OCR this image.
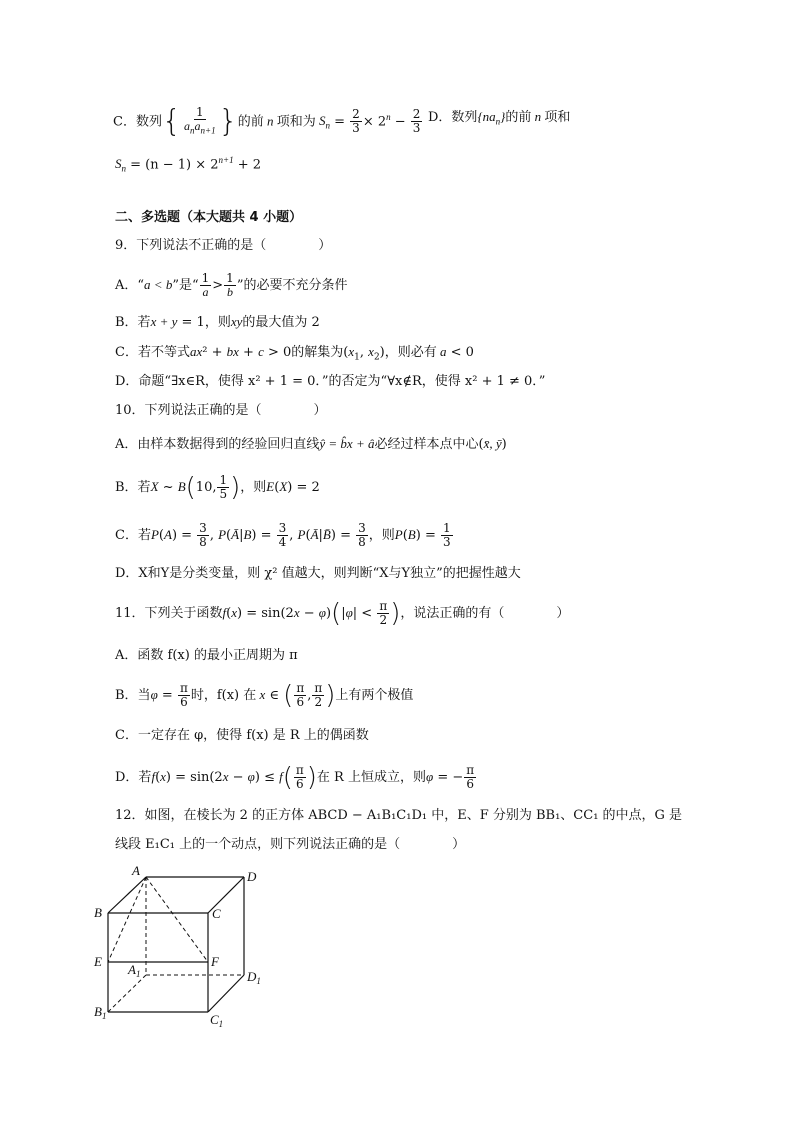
C．数列{ $\frac{1}{a_na_{n+1}}$ }的前 n 项和为 $S_n = \frac{2}{3} \times 2^n - \frac{2}{3}$ D．数列$\{na_n\}$的前 n 项和
$S_n = (n - 1) \times 2^{n+1} + 2$
二、多选题（本大题共 4 小题）
9．下列说法不正确的是（　　　　）
A．“a < b”是“ $\frac{1}{a} > \frac{1}{b}$ ”的必要不充分条件
B．若x + y = 1，则xy的最大值为 2
C．若不等式ax² + bx + c > 0的解集为($x_1$, $x_2$)，则必有 a < 0
D．命题“∃x∈R，使得 x² + 1 = 0．”的否定为“∀x∉R，使得 x² + 1 ≠ 0．”
10．下列说法正确的是（　　　　）
A．由样本数据得到的经验回归直线ŷ = b̂x + â必经过样本点中心(x̄, ȳ)
B．若X ~ B(10, $\frac{1}{5}$ )，则E(X) = 2
C．若$P(A) = \frac{3}{8}$ , P(Ā|B) = $\frac{3}{4}$ , P(Ā|B̄) = $\frac{3}{8}$ ，则$P(B) = \frac{1}{3}$
D．X和Y是分类变量，则 χ² 值越大，则判断“X与Y独立”的把握性越大
11．下列关于函数$f(x) = \sin(2x - \varphi)(|\varphi| < \frac{\pi}{2}$ )，说法正确的有（　　　　）
A．函数 f(x) 的最小正周期为 π
B．当$\varphi = \frac{\pi}{6}$ 时，f(x) 在 x ∈ ( $\frac{\pi}{6}$ , $\frac{\pi}{2}$ )上有两个极值
C．一定存在 φ，使得 f(x) 是 R 上的偶函数
D．若$f(x) = \sin(2x - \varphi) \le f( \frac{\pi}{6}$ )在 R 上恒成立，则φ = − $\frac{\pi}{6}$
12．如图，在棱长为 2 的正方体 ABCD − A₁B₁C₁D₁ 中，E、F 分别为 BB₁、CC₁ 的中点，G 是
线段 E₁C₁ 上的一个动点，则下列说法正确的是（　　　　）
A	D
B	C
E	F
$A_1$	$D_1$
$B_1$	$C_1$
